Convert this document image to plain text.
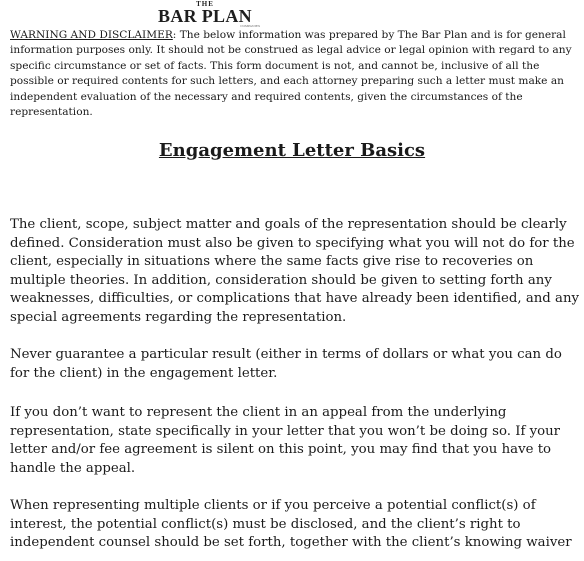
THE
BAR PLAN
COMPANIES

WARNING AND DISCLAIMER: The below information was prepared by The Bar Plan and is for general information purposes only. It should not be construed as legal advice or legal opinion with regard to any specific circumstance or set of facts. This form document is not, and cannot be, inclusive of all the possible or required contents for such letters, and each attorney preparing such a letter must make an independent evaluation of the necessary and required contents, given the circumstances of the representation.

Engagement Letter Basics

The client, scope, subject matter and goals of the representation should be clearly defined. Consideration must also be given to specifying what you will not do for the client, especially in situations where the same facts give rise to recoveries on multiple theories. In addition, consideration should be given to setting forth any weaknesses, difficulties, or complications that have already been identified, and any special agreements regarding the representation.

Never guarantee a particular result (either in terms of dollars or what you can do for the client) in the engagement letter.

If you don’t want to represent the client in an appeal from the underlying representation, state specifically in your letter that you won’t be doing so. If your letter and/or fee agreement is silent on this point, you may find that you have to handle the appeal.

When representing multiple clients or if you perceive a potential conflict(s) of interest, the potential conflict(s) must be disclosed, and the client’s right to independent counsel should be set forth, together with the client’s knowing waiver
